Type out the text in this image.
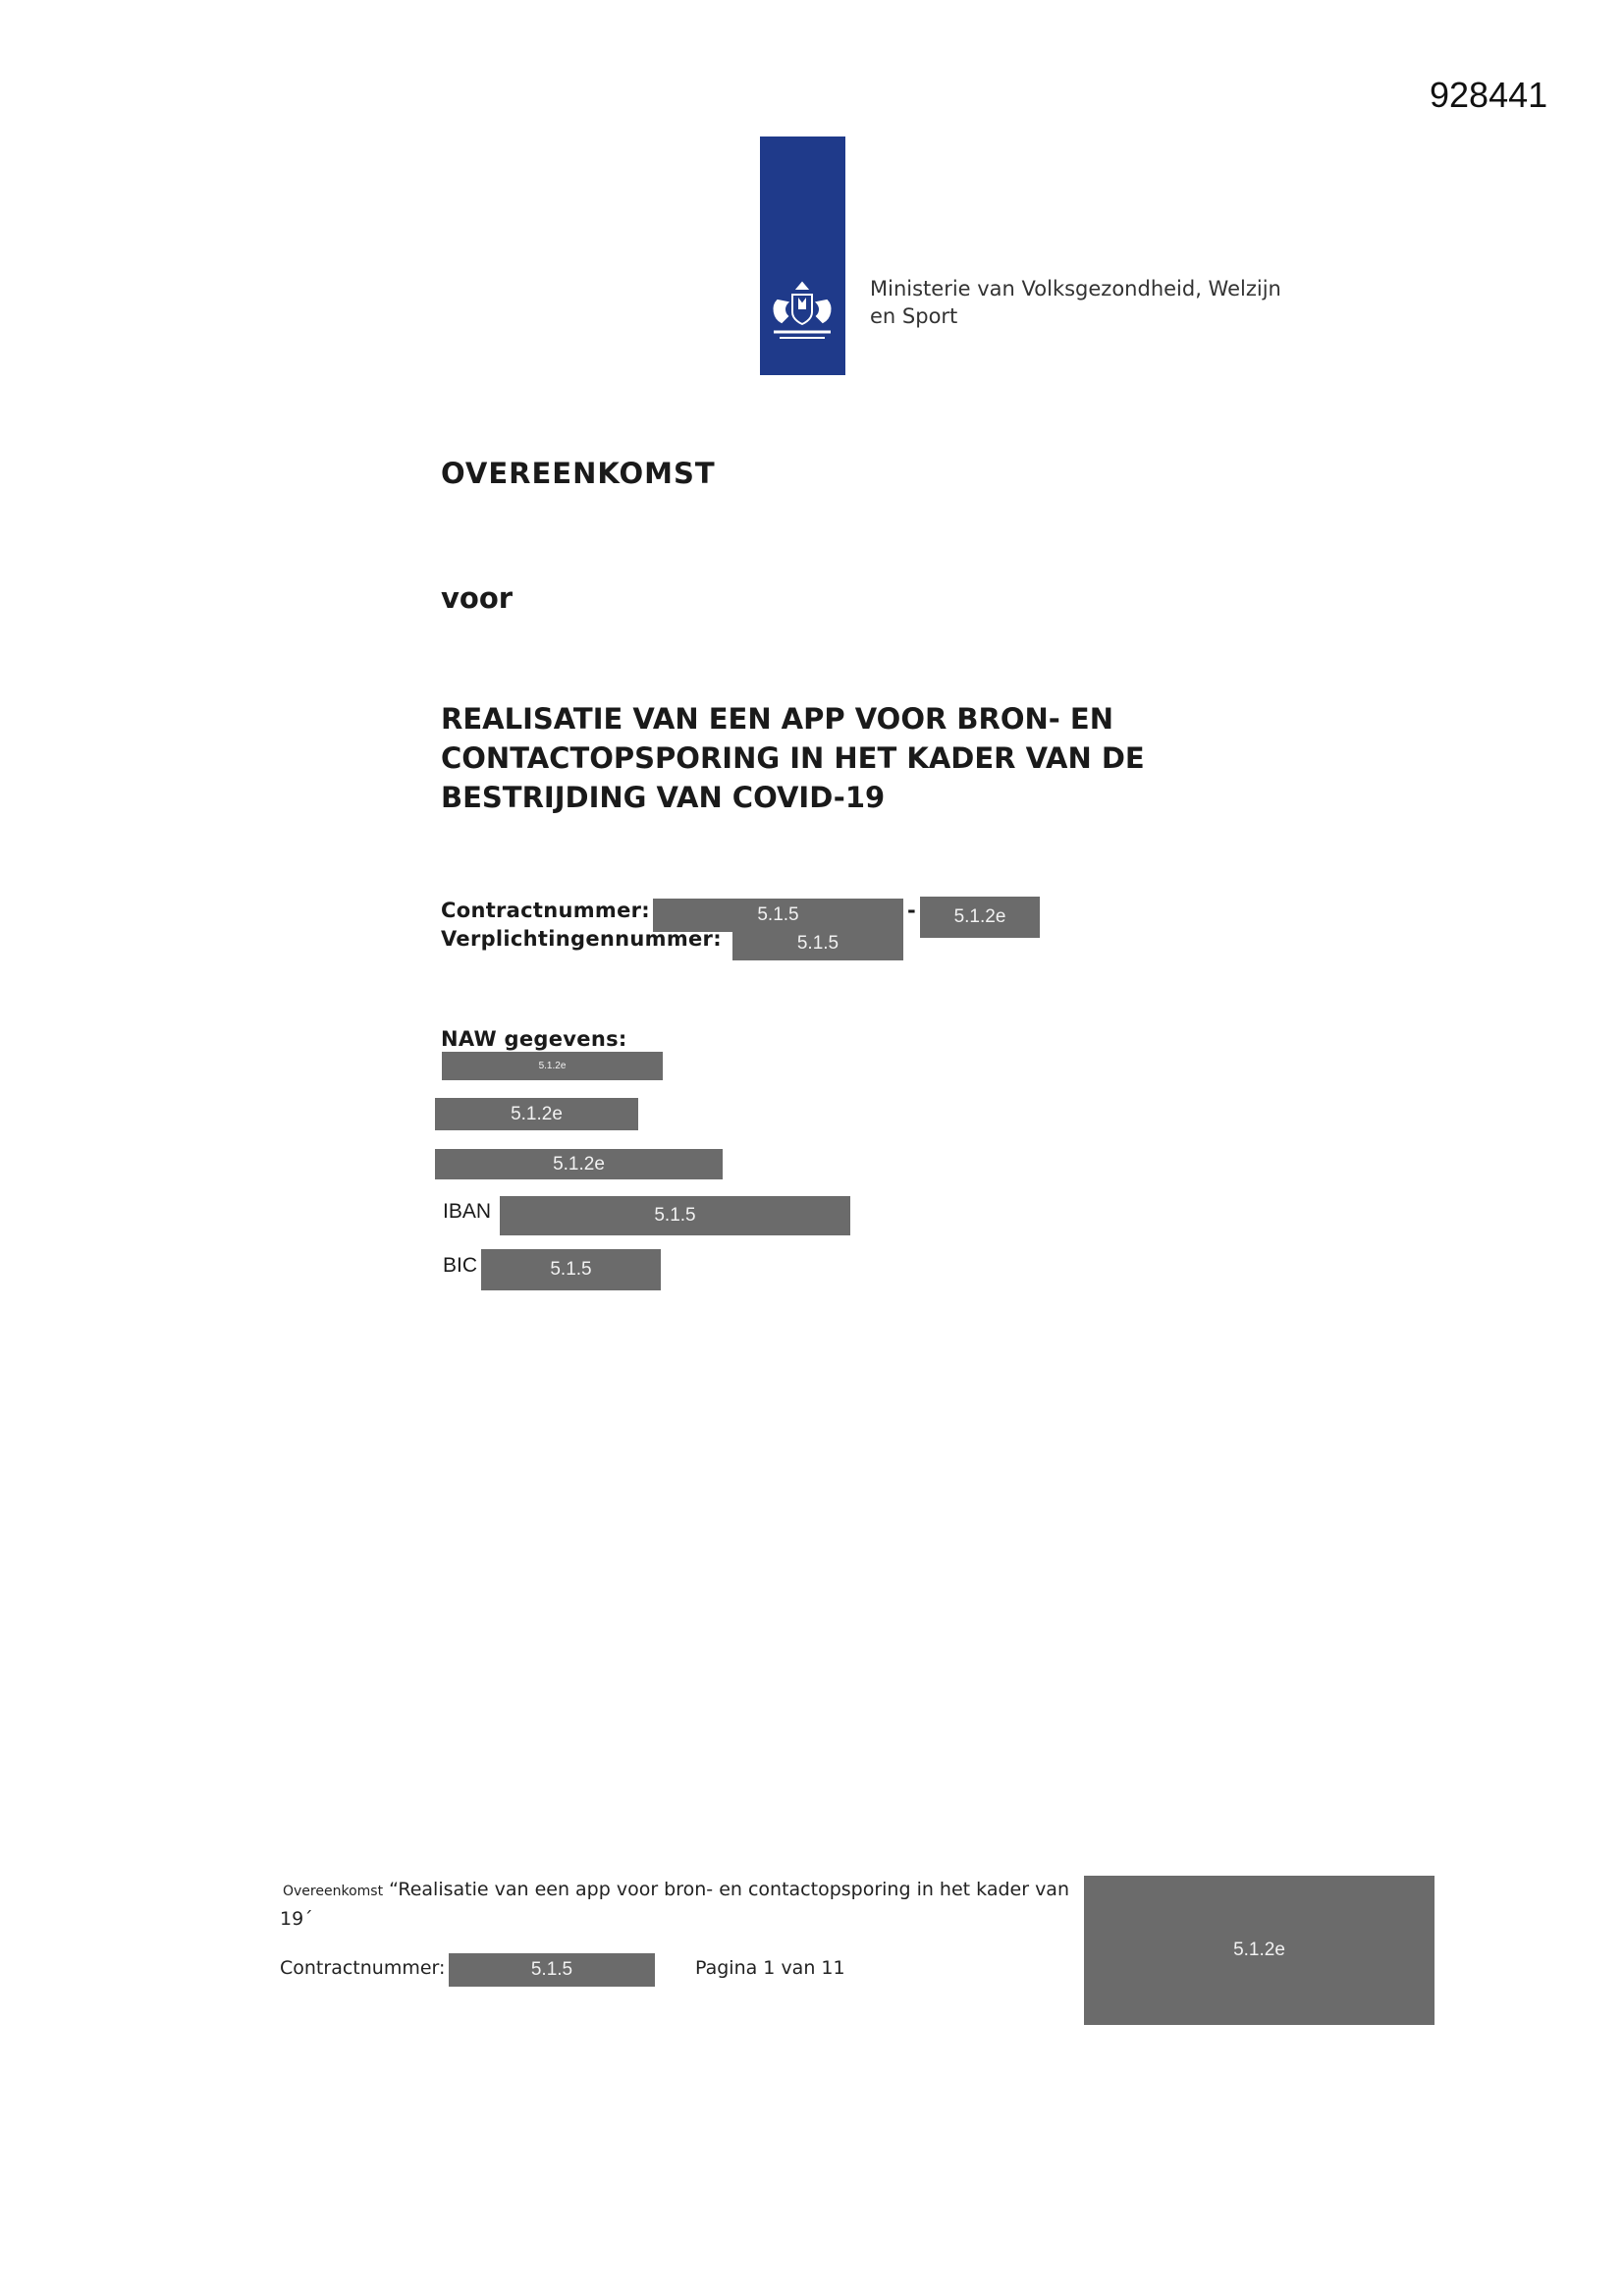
928441
Ministerie van Volksgezondheid, Welzijn
en Sport
OVEREENKOMST
voor
REALISATIE VAN EEN APP VOOR BRON- EN CONTACTOPSPORING IN HET KADER VAN DE BESTRIJDING VAN COVID-19
Contractnummer:	5.1.5	-	5.1.2e
Verplichtingennummer:	5.1.5
NAW gegevens:
5.1.2e
5.1.2e
5.1.2e
IBAN	5.1.5
BIC	5.1.5
Overeenkomst “Realisatie van een app voor bron- en contactopsporing in het kader van
19´
5.1.2e
Contractnummer:	5.1.5	Pagina 1 van 11
